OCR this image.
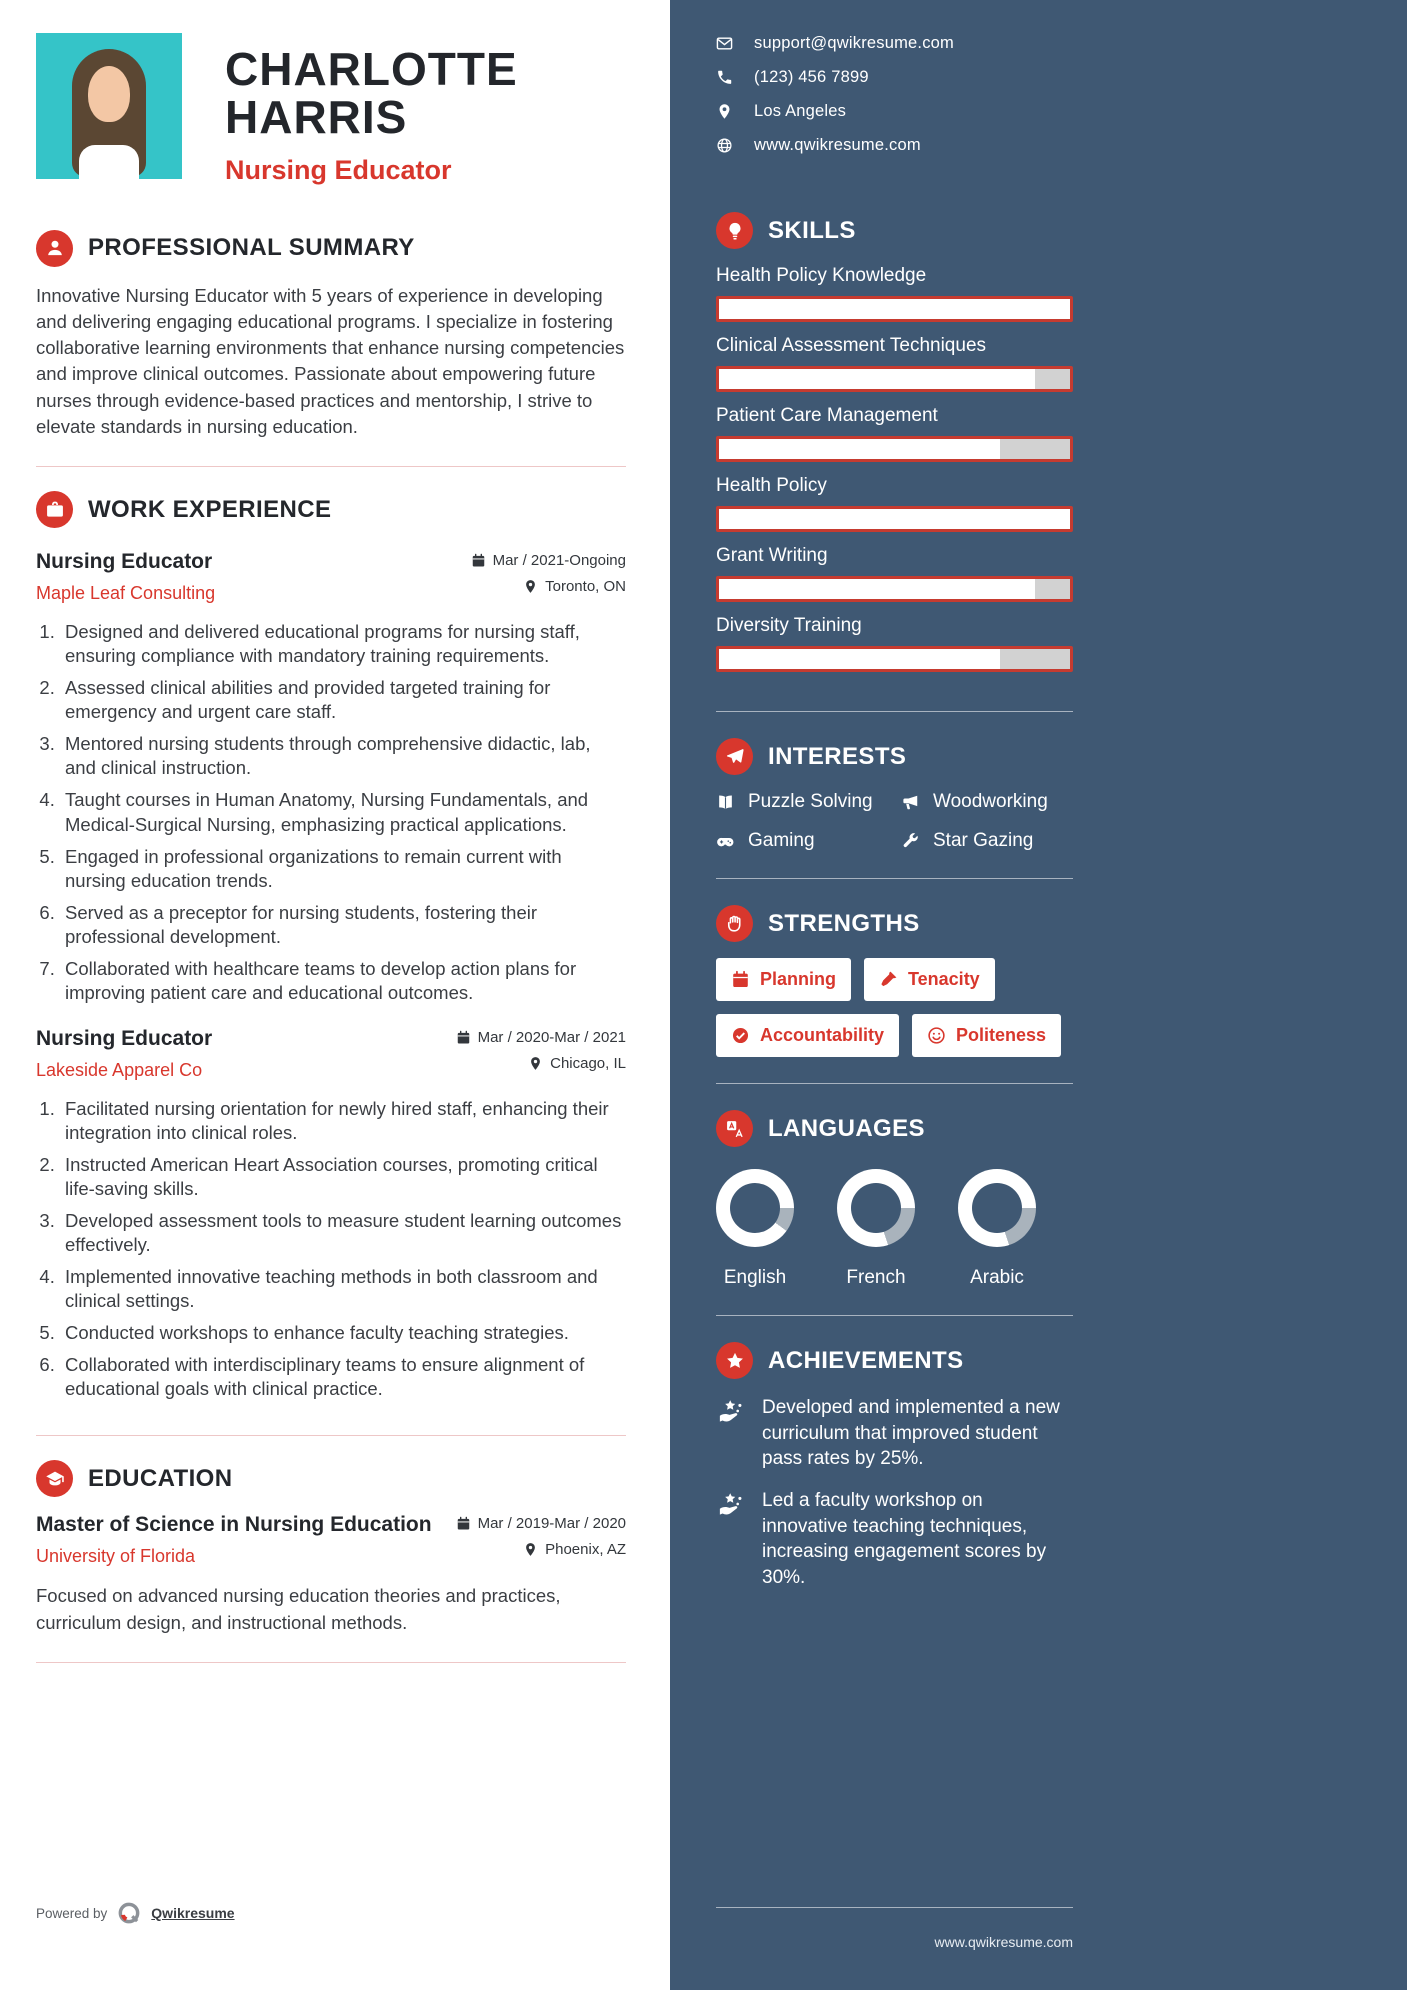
CHARLOTTE HARRIS
Nursing Educator
PROFESSIONAL SUMMARY

Innovative Nursing Educator with 5 years of experience in developing and delivering engaging educational programs. I specialize in fostering collaborative learning environments that enhance nursing competencies and improve clinical outcomes. Passionate about empowering future nurses through evidence-based practices and mentorship, I strive to elevate standards in nursing education.

WORK EXPERIENCE
Nursing Educator
Maple Leaf Consulting
Mar / 2021-Ongoing
Toronto, ON
1. Designed and delivered educational programs for nursing staff, ensuring compliance with mandatory training requirements.
2. Assessed clinical abilities and provided targeted training for emergency and urgent care staff.
3. Mentored nursing students through comprehensive didactic, lab, and clinical instruction.
4. Taught courses in Human Anatomy, Nursing Fundamentals, and Medical-Surgical Nursing, emphasizing practical applications.
5. Engaged in professional organizations to remain current with nursing education trends.
6. Served as a preceptor for nursing students, fostering their professional development.
7. Collaborated with healthcare teams to develop action plans for improving patient care and educational outcomes.
Nursing Educator
Lakeside Apparel Co
Mar / 2020-Mar / 2021
Chicago, IL
1. Facilitated nursing orientation for newly hired staff, enhancing their integration into clinical roles.
2. Instructed American Heart Association courses, promoting critical life-saving skills.
3. Developed assessment tools to measure student learning outcomes effectively.
4. Implemented innovative teaching methods in both classroom and clinical settings.
5. Conducted workshops to enhance faculty teaching strategies.
6. Collaborated with interdisciplinary teams to ensure alignment of educational goals with clinical practice.
EDUCATION
Master of Science in Nursing Education
University of Florida
Mar / 2019-Mar / 2020
Phoenix, AZ

Focused on advanced nursing education theories and practices, curriculum design, and instructional methods.

Powered by	Qwikresume
support@qwikresume.com
(123) 456 7899
Los Angeles
www.qwikresume.com
SKILLS
Health Policy Knowledge
Clinical Assessment Techniques
Patient Care Management
Health Policy
Grant Writing
Diversity Training
INTERESTS
Puzzle Solving	Woodworking
Gaming	Star Gazing
STRENGTHS
Planning	Tenacity
Accountability	Politeness
LANGUAGES
English	French	Arabic
ACHIEVEMENTS

Developed and implemented a new curriculum that improved student pass rates by 25%.

Led a faculty workshop on innovative teaching techniques, increasing engagement scores by 30%.

www.qwikresume.com
